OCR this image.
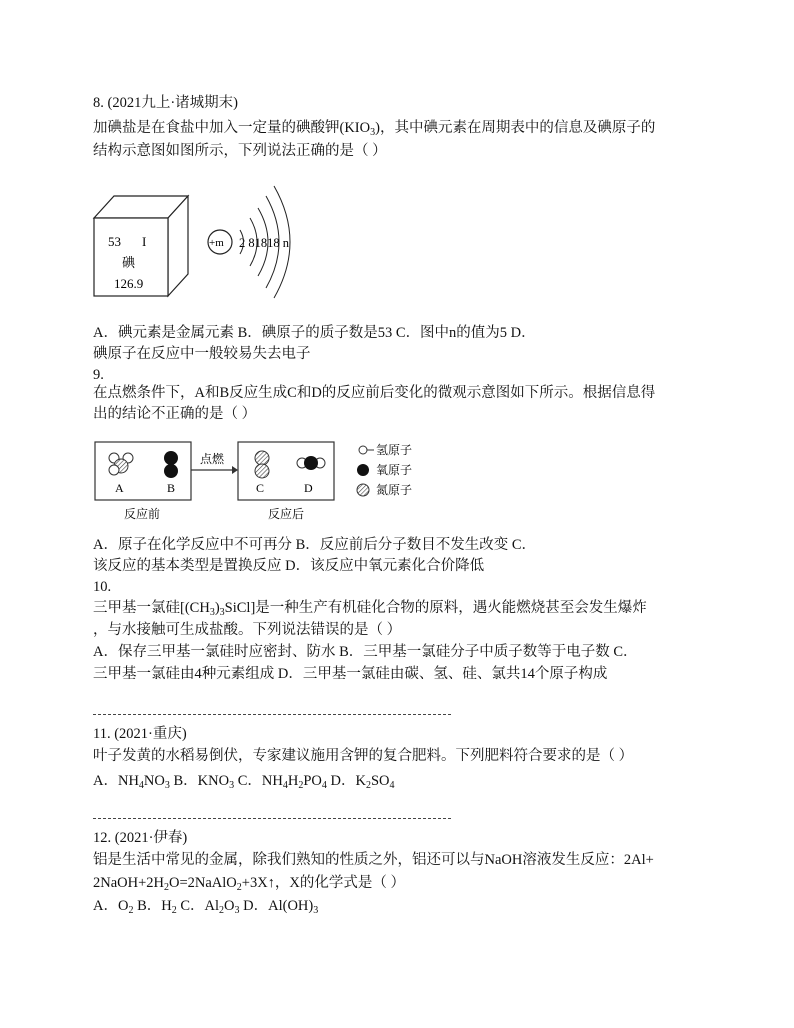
8. (2021九上·诸城期末)
加碘盐是在食盐中加入一定量的碘酸钾$(KIO_3)$，其中碘元素在周期表中的信息及碘原子的
结构示意图如图所示，下列说法正确的是（ ）
53 I
碘
126.9
+m 2 81818 n
A．碘元素是金属元素 B．碘原子的质子数是53 C．图中n的值为5 D．
碘原子在反应中一般较易失去电子
9.
在点燃条件下，A和B反应生成C和D的反应前后变化的微观示意图如下所示。根据信息得
出的结论不正确的是（ ）
A	B
点燃
C	D
反应前	反应后
氢原子
氧原子
氮原子
A．原子在化学反应中不可再分 B．反应前后分子数目不发生改变 C．
该反应的基本类型是置换反应 D．该反应中氧元素化合价降低
10.
三甲基一氯硅$[(CH_3)_3SiCl]$是一种生产有机硅化合物的原料，遇火能燃烧甚至会发生爆炸
，与水接触可生成盐酸。下列说法错误的是（ ）
A．保存三甲基一氯硅时应密封、防水 B．三甲基一氯硅分子中质子数等于电子数 C．
三甲基一氯硅由4种元素组成 D．三甲基一氯硅由碳、氢、硅、氯共14个原子构成
11. (2021·重庆)
叶子发黄的水稻易倒伏，专家建议施用含钾的复合肥料。下列肥料符合要求的是（ ）
A．$NH_4NO_3$ B．$KNO_3$ C．$NH_4H_2PO_4$ D．$K_2SO_4$
12. (2021·伊春)
铝是生活中常见的金属，除我们熟知的性质之外，铝还可以与NaOH溶液发生反应：2Al+
$2NaOH+2H_2O=2NaAlO_2+3X↑$，X的化学式是（ ）
A．$O_2$ B．$H_2$ C．$Al_2O_3$ D．$Al(OH)_3$
